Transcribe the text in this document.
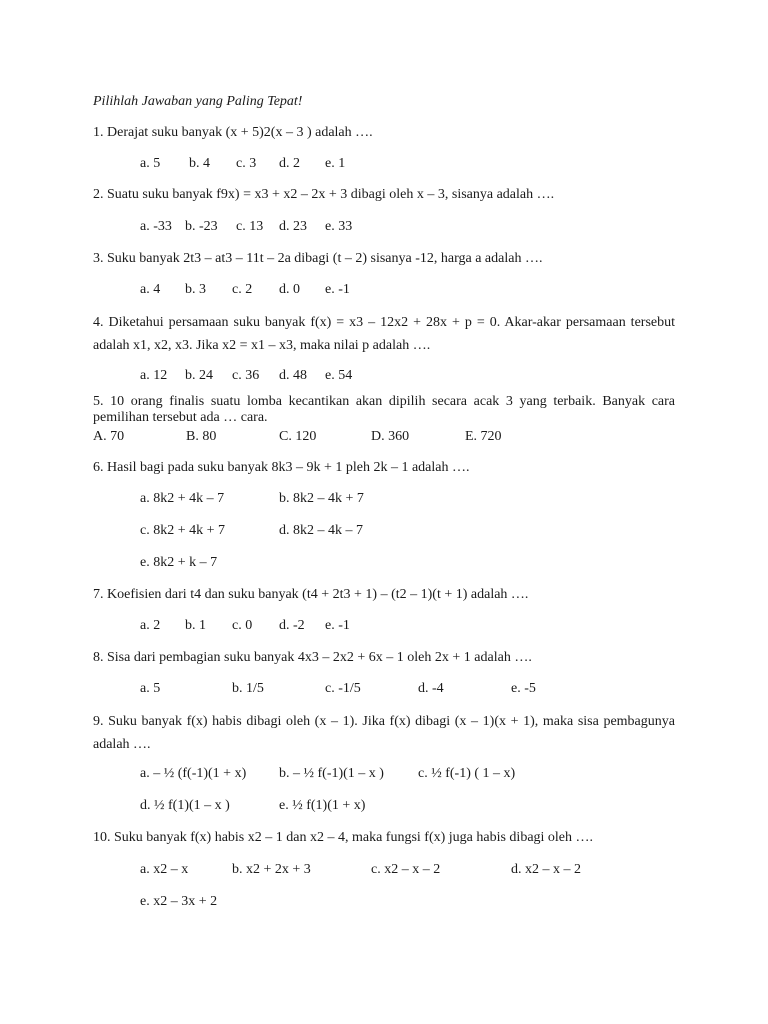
Pilihlah Jawaban yang Paling Tepat!
1. Derajat suku banyak (x + 5)2(x – 3 ) adalah ….
a. 5 b. 4 c. 3 d. 2 e. 1
2. Suatu suku banyak f9x) = x3 + x2 – 2x + 3 dibagi oleh x – 3, sisanya adalah ….
a. -33 b. -23 c. 13 d. 23 e. 33
3. Suku banyak 2t3 – at3 – 11t – 2a dibagi (t – 2) sisanya -12, harga a adalah ….
a. 4 b. 3 c. 2 d. 0 e. -1
4. Diketahui persamaan suku banyak f(x) = x3 – 12x2 + 28x + p = 0. Akar-akar persamaan tersebut adalah x1, x2, x3. Jika x2 = x1 – x3, maka nilai p adalah ….
a. 12 b. 24 c. 36 d. 48 e. 54
5. 10 orang finalis suatu lomba kecantikan akan dipilih secara acak 3 yang terbaik. Banyak cara pemilihan tersebut ada … cara.
A. 70	B. 80	C. 120	D. 360	E. 720
6. Hasil bagi pada suku banyak 8k3 – 9k + 1 pleh 2k – 1 adalah ….
a. 8k2 + 4k – 7	b. 8k2 – 4k + 7
c. 8k2 + 4k + 7	d. 8k2 – 4k – 7
e. 8k2 + k – 7
7. Koefisien dari t4 dan suku banyak (t4 + 2t3 + 1) – (t2 – 1)(t + 1) adalah ….
a. 2 b. 1 c. 0 d. -2 e. -1
8. Sisa dari pembagian suku banyak 4x3 – 2x2 + 6x – 1 oleh 2x + 1 adalah ….
a. 5	b. 1/5	c. -1/5	d. -4	e. -5
9. Suku banyak f(x) habis dibagi oleh (x – 1). Jika f(x) dibagi (x – 1)(x + 1), maka sisa pembagunya adalah ….
a. – ½ (f(-1)(1 + x) b. – ½ f(-1)(1 – x ) c. ½ f(-1) ( 1 – x)
d. ½ f(1)(1 – x )	e. ½ f(1)(1 + x)
10. Suku banyak f(x) habis x2 – 1 dan x2 – 4, maka fungsi f(x) juga habis dibagi oleh ….
a. x2 – x	b. x2 + 2x + 3	c. x2 – x – 2	d. x2 – x – 2
e. x2 – 3x + 2
